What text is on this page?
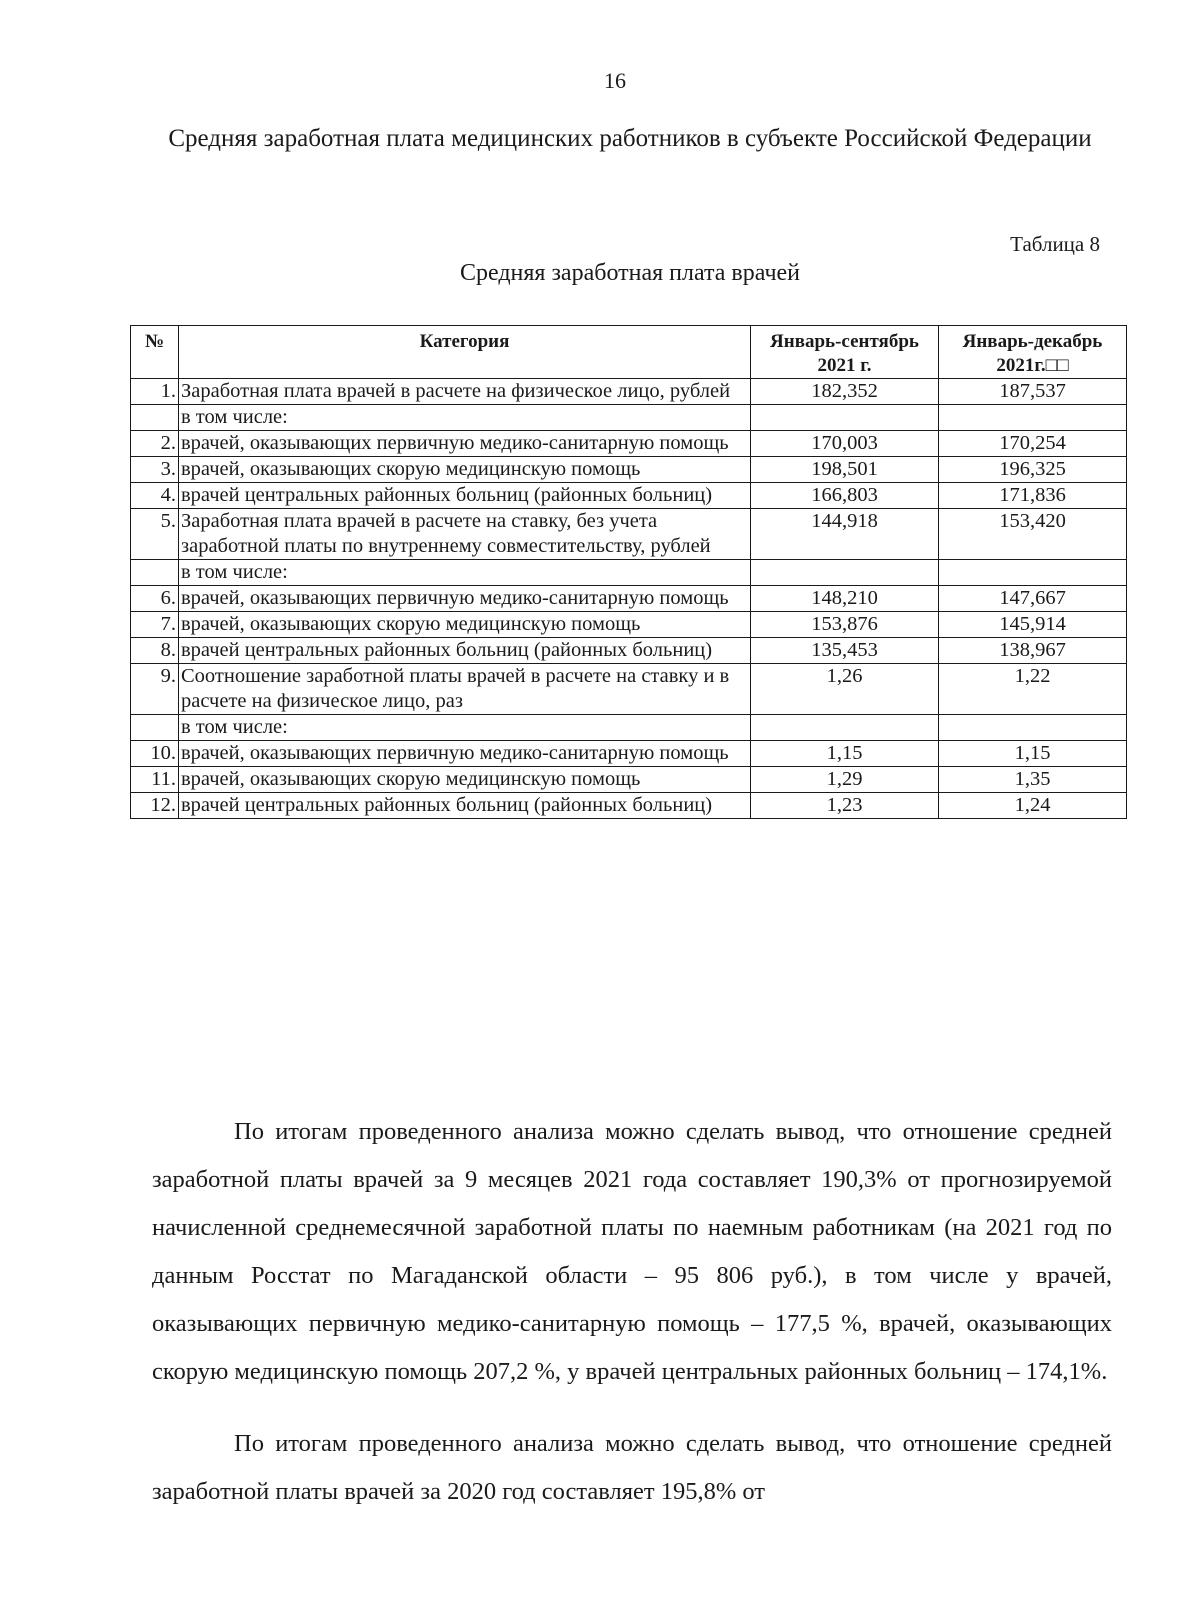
16
Средняя заработная плата медицинских работников в субъекте Российской Федерации
Таблица 8
Средняя заработная плата врачей
№	Категория	Январь-сентябрь 2021 г.	Январь-декабрь 2021г.□□
1.	Заработная плата врачей в расчете на физическое лицо, рублей	182,352	187,537
	в том числе:		
2.	врачей, оказывающих первичную медико-санитарную помощь	170,003	170,254
3.	врачей, оказывающих скорую медицинскую помощь	198,501	196,325
4.	врачей центральных районных больниц (районных больниц)	166,803	171,836
5.	Заработная плата врачей в расчете на ставку, без учета заработной платы по внутреннему совместительству, рублей	144,918	153,420
	в том числе:		
6.	врачей, оказывающих первичную медико-санитарную помощь	148,210	147,667
7.	врачей, оказывающих скорую медицинскую помощь	153,876	145,914
8.	врачей центральных районных больниц (районных больниц)	135,453	138,967
9.	Соотношение заработной платы врачей в расчете на ставку и в расчете на физическое лицо, раз	1,26	1,22
	в том числе:		
10.	врачей, оказывающих первичную медико-санитарную помощь	1,15	1,15
11.	врачей, оказывающих скорую медицинскую помощь	1,29	1,35
12.	врачей центральных районных больниц (районных больниц)	1,23	1,24

По итогам проведенного анализа можно сделать вывод, что отношение средней заработной платы врачей за 9 месяцев 2021 года составляет 190,3% от прогнозируемой начисленной среднемесячной заработной платы по наемным работникам (на 2021 год по данным Росстат по Магаданской области – 95 806 руб.), в том числе у врачей, оказывающих первичную медико-санитарную помощь – 177,5 %, врачей, оказывающих скорую медицинскую помощь 207,2 %, у врачей центральных районных больниц – 174,1%.

По итогам проведенного анализа можно сделать вывод, что отношение средней заработной платы врачей за 2020 год составляет 195,8% от
